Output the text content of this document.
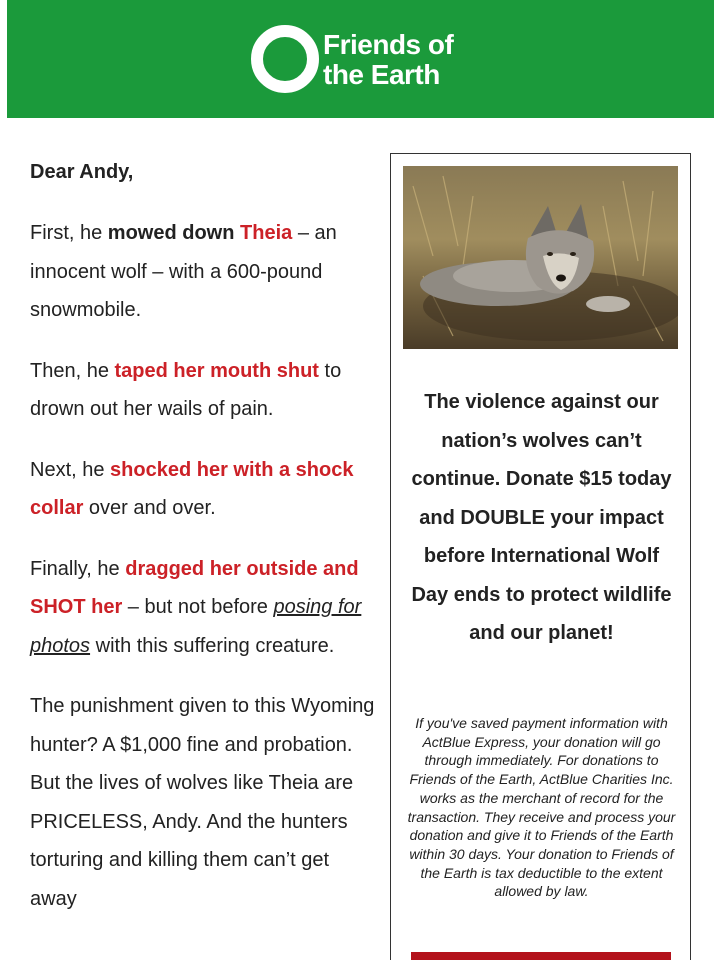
Friends of
the Earth

Dear Andy,

First, he mowed down Theia – an innocent wolf – with a 600-pound snowmobile.

Then, he taped her mouth shut to drown out her wails of pain.

Next, he shocked her with a shock collar over and over.

Finally, he dragged her outside and SHOT her – but not before posing for photos with this suffering creature.

The punishment given to this Wyoming hunter? A $1,000 fine and probation. But the lives of wolves like Theia are PRICELESS, Andy. And the hunters torturing and killing them can’t get away

The violence against our nation’s wolves can’t continue. Donate $15 today and DOUBLE your impact before International Wolf Day ends to protect wildlife and our planet!
If you've saved payment information with ActBlue Express, your donation will go through immediately. For donations to Friends of the Earth, ActBlue Charities Inc. works as the merchant of record for the transaction. They receive and process your donation and give it to Friends of the Earth within 30 days. Your donation to Friends of the Earth is tax deductible to the extent allowed by law.
